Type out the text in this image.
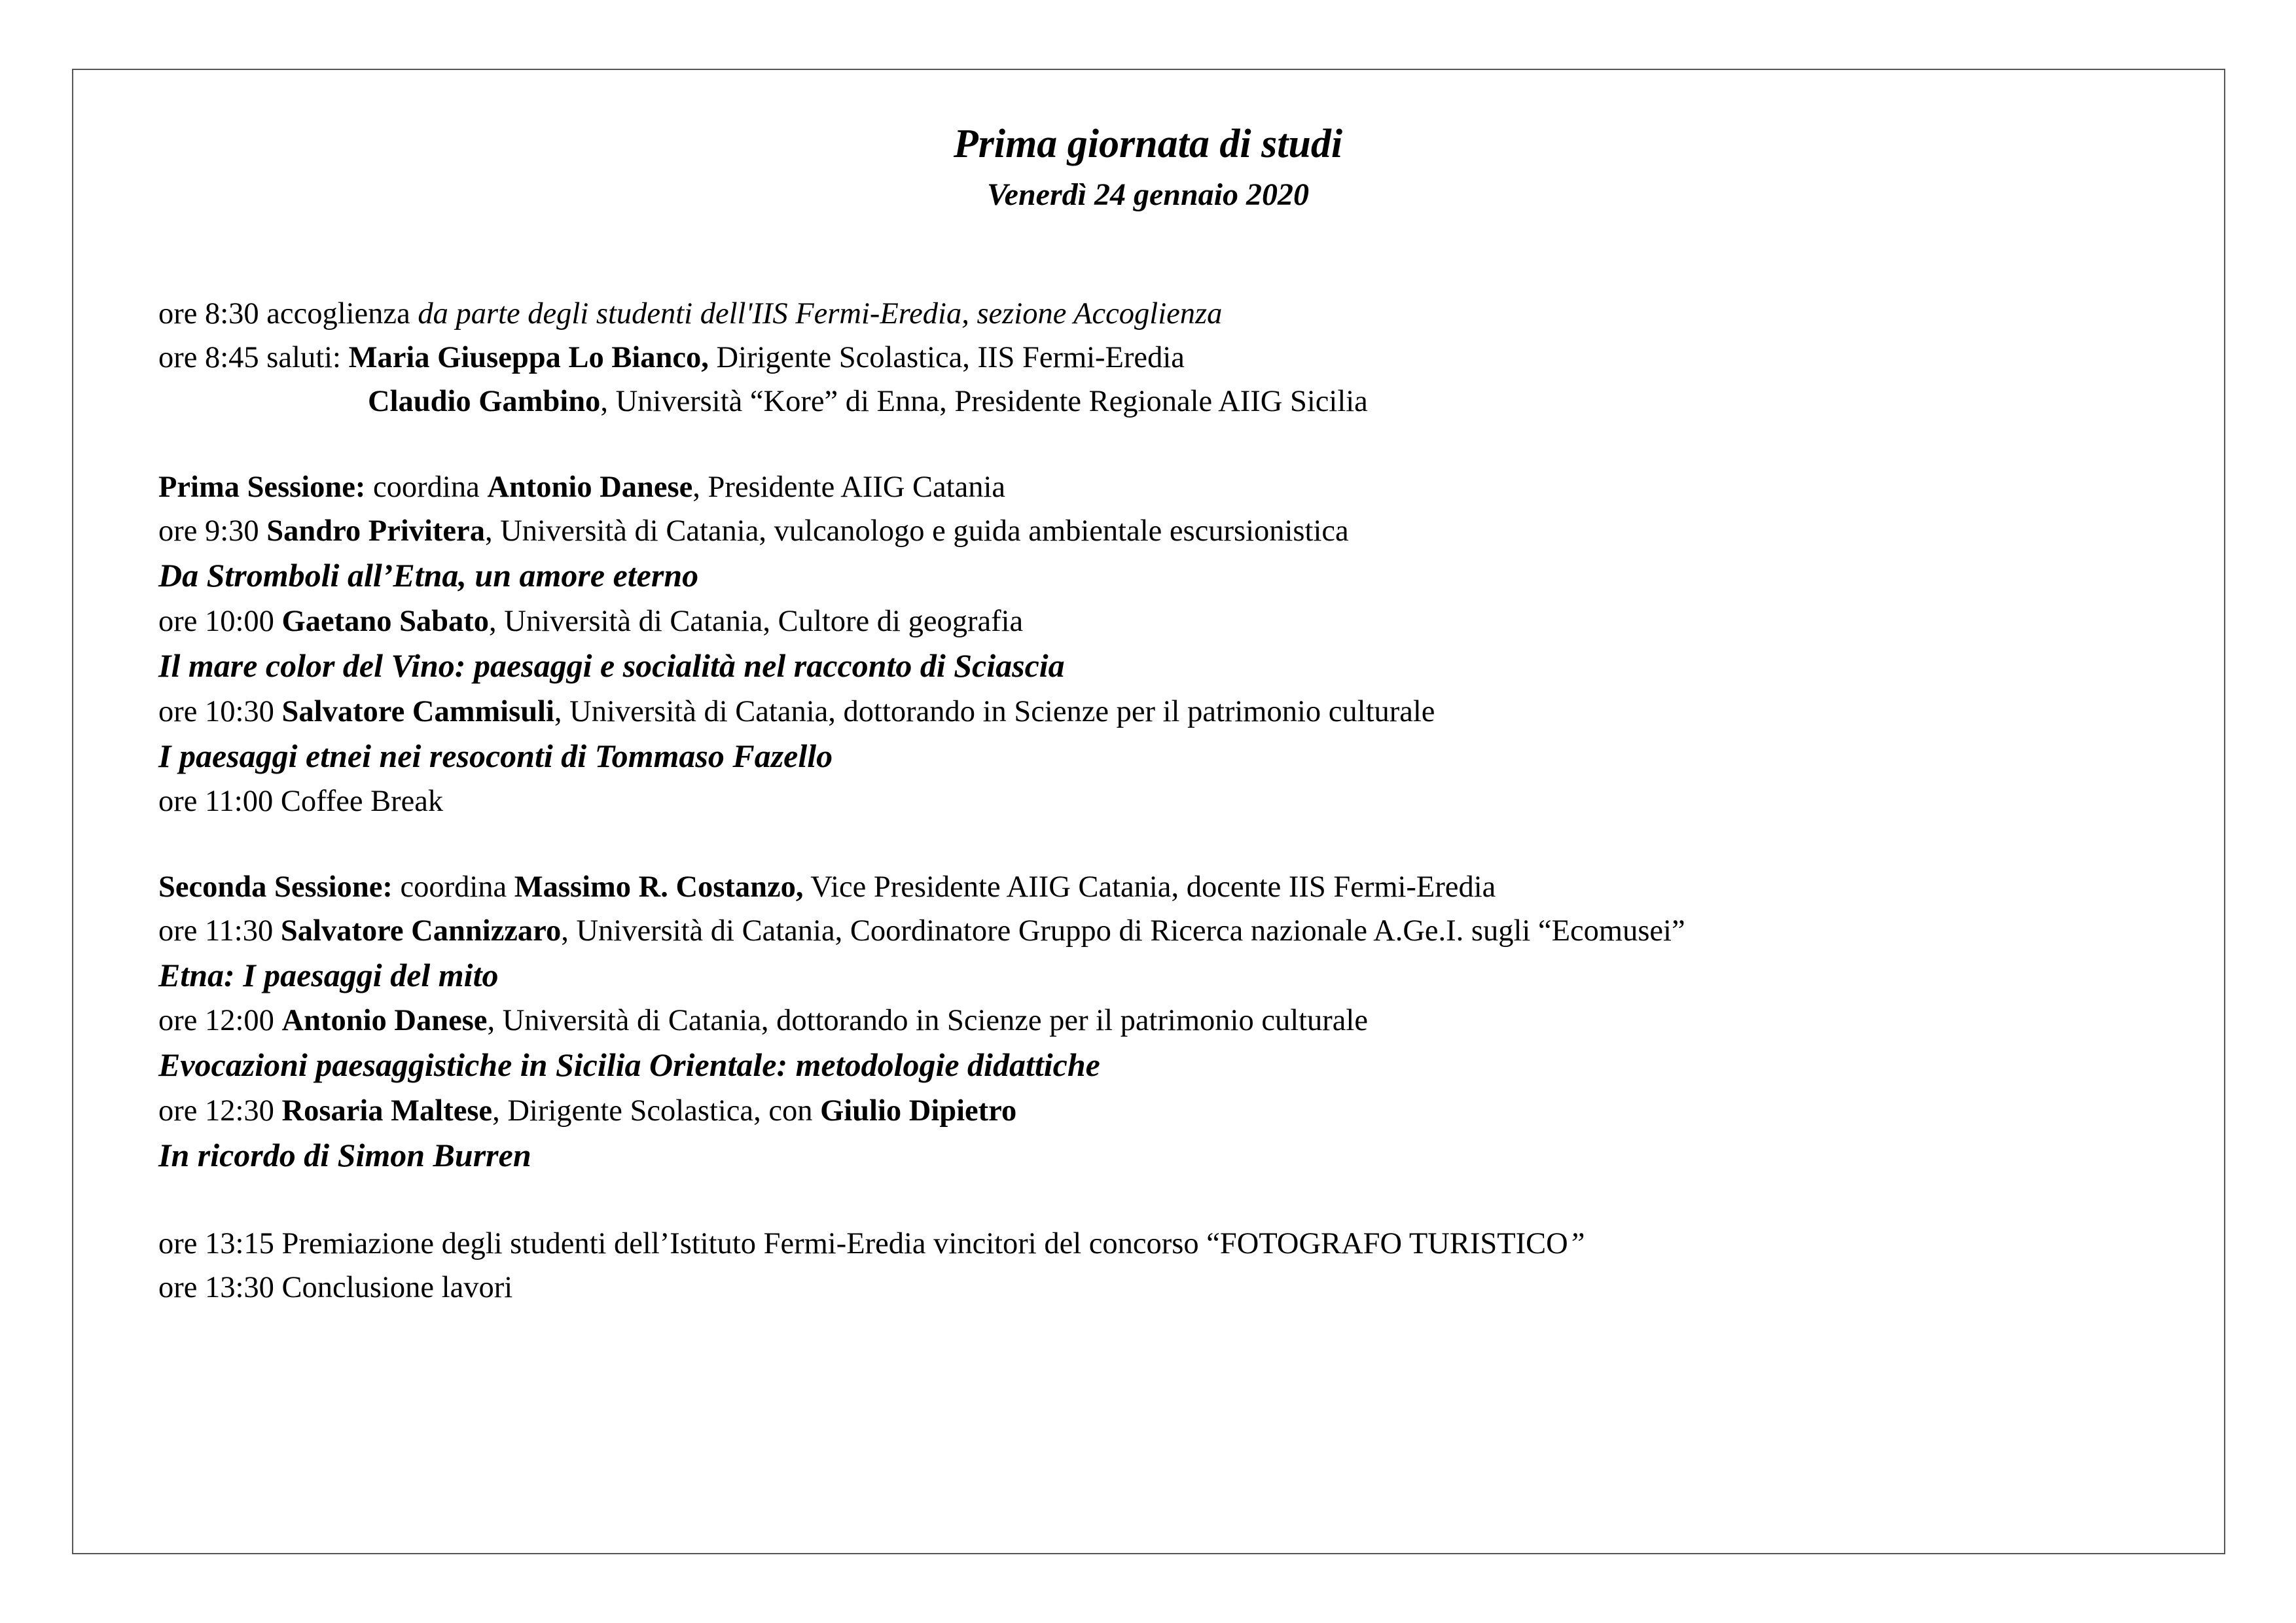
Prima giornata di studi
Venerdì 24 gennaio 2020
ore 8:30 accoglienza da parte degli studenti dell'IIS Fermi-Eredia, sezione Accoglienza
ore 8:45 saluti: Maria Giuseppa Lo Bianco, Dirigente Scolastica, IIS Fermi-Eredia
Claudio Gambino, Università “Kore” di Enna, Presidente Regionale AIIG Sicilia
Prima Sessione: coordina Antonio Danese, Presidente AIIG Catania
ore 9:30 Sandro Privitera, Università di Catania, vulcanologo e guida ambientale escursionistica
Da Stromboli all’Etna, un amore eterno
ore 10:00 Gaetano Sabato, Università di Catania, Cultore di geografia
Il mare color del Vino: paesaggi e socialità nel racconto di Sciascia
ore 10:30 Salvatore Cammisuli, Università di Catania, dottorando in Scienze per il patrimonio culturale
I paesaggi etnei nei resoconti di Tommaso Fazello
ore 11:00 Coffee Break
Seconda Sessione: coordina Massimo R. Costanzo, Vice Presidente AIIG Catania, docente IIS Fermi-Eredia
ore 11:30 Salvatore Cannizzaro, Università di Catania, Coordinatore Gruppo di Ricerca nazionale A.Ge.I. sugli “Ecomusei”
Etna: I paesaggi del mito
ore 12:00 Antonio Danese, Università di Catania, dottorando in Scienze per il patrimonio culturale
Evocazioni paesaggistiche in Sicilia Orientale: metodologie didattiche
ore 12:30 Rosaria Maltese, Dirigente Scolastica, con Giulio Dipietro
In ricordo di Simon Burren
ore 13:15 Premiazione degli studenti dell’Istituto Fermi-Eredia vincitori del concorso “FOTOGRAFO TURISTICO”
ore 13:30 Conclusione lavori
